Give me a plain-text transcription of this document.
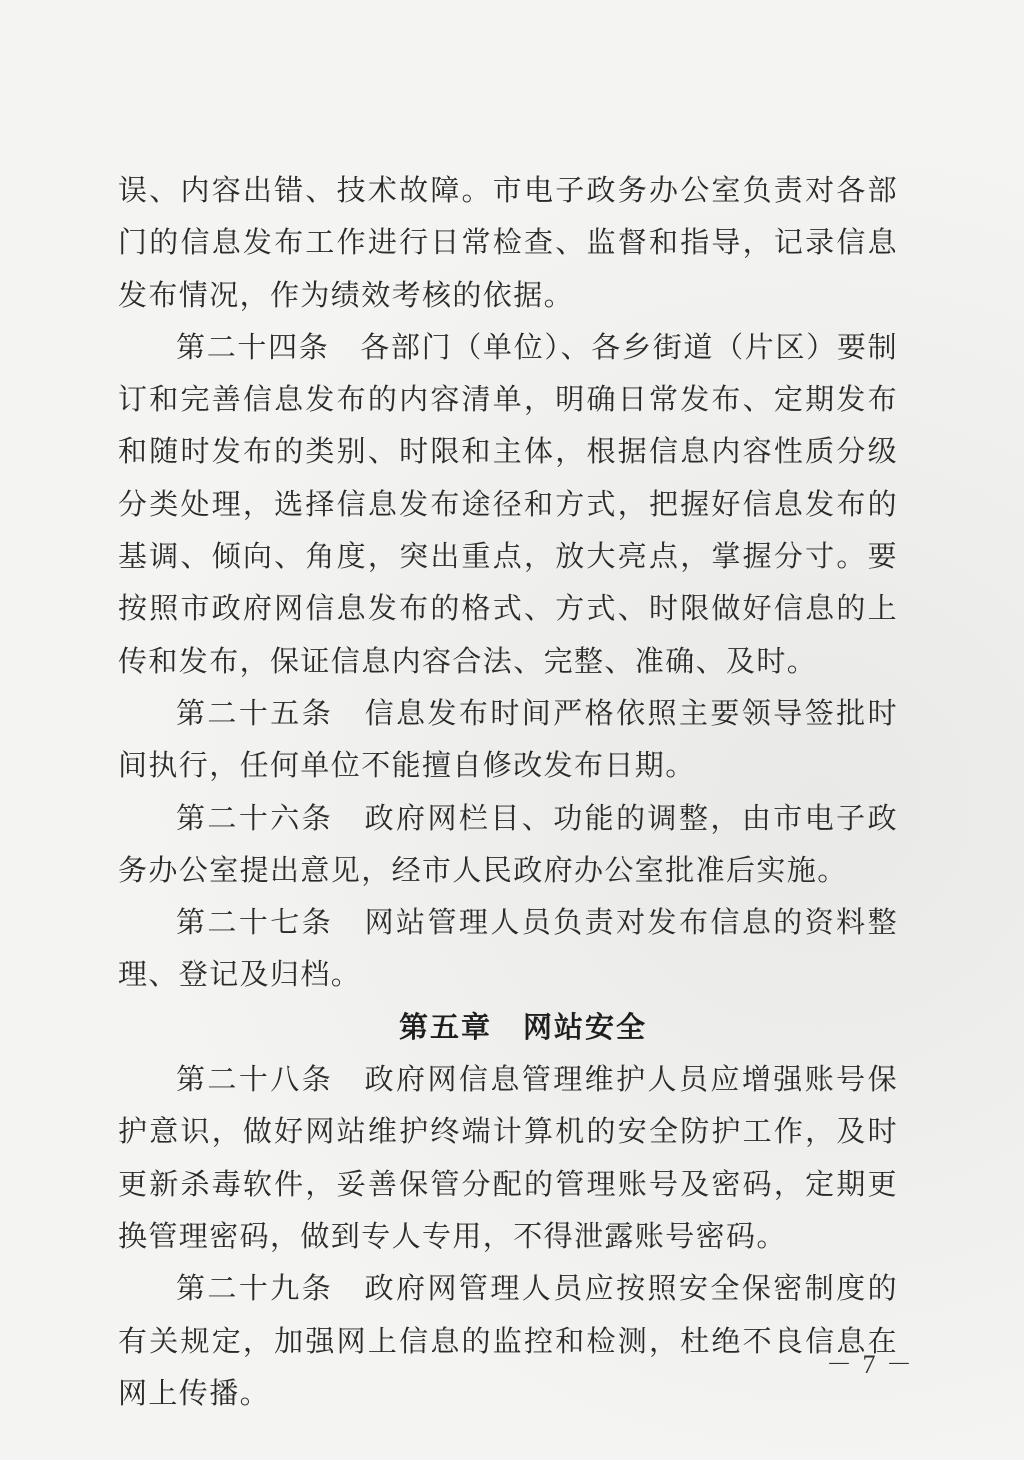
误、内容出错、技术故障。市电子政务办公室负责对各部门的信息发布工作进行日常检查、监督和指导，记录信息发布情况，作为绩效考核的依据。

第二十四条　各部门（单位）、各乡街道（片区）要制订和完善信息发布的内容清单，明确日常发布、定期发布和随时发布的类别、时限和主体，根据信息内容性质分级分类处理，选择信息发布途径和方式，把握好信息发布的基调、倾向、角度，突出重点，放大亮点，掌握分寸。要按照市政府网信息发布的格式、方式、时限做好信息的上传和发布，保证信息内容合法、完整、准确、及时。

第二十五条　信息发布时间严格依照主要领导签批时间执行，任何单位不能擅自修改发布日期。

第二十六条　政府网栏目、功能的调整，由市电子政务办公室提出意见，经市人民政府办公室批准后实施。

第二十七条　网站管理人员负责对发布信息的资料整理、登记及归档。

第五章　网站安全

第二十八条　政府网信息管理维护人员应增强账号保护意识，做好网站维护终端计算机的安全防护工作，及时更新杀毒软件，妥善保管分配的管理账号及密码，定期更换管理密码，做到专人专用，不得泄露账号密码。

第二十九条　政府网管理人员应按照安全保密制度的有关规定，加强网上信息的监控和检测，杜绝不良信息在网上传播。

－ 7 －
